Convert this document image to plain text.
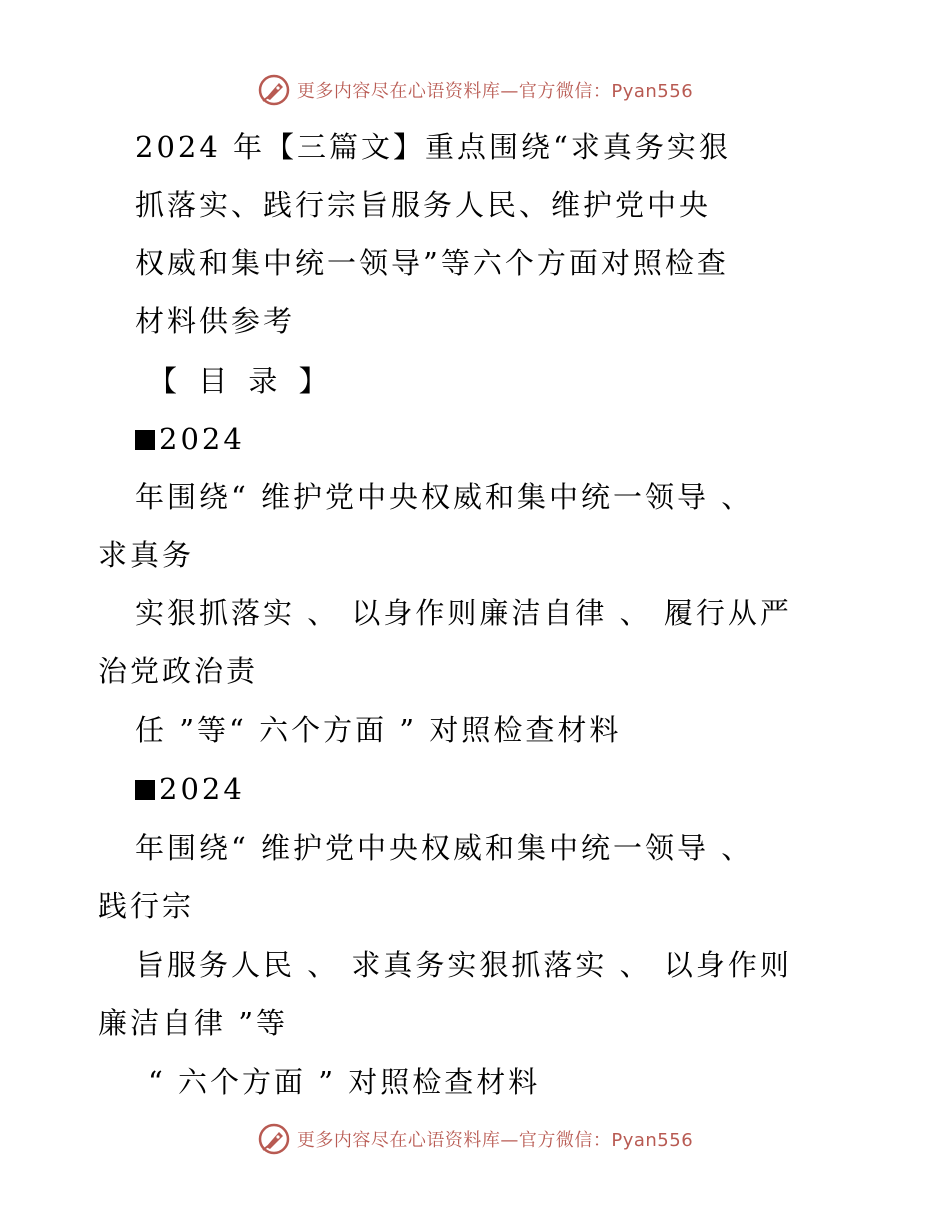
更多内容尽在心语资料库—官方微信：Pyan556
2024 年【三篇文】重点围绕“求真务实狠
抓落实、践行宗旨服务人民、维护党中央
权威和集中统一领导”等六个方面对照检查
材料供参考
【 目 录 】
2024
年围绕“ 维护党中央权威和集中统一领导 、
求真务
实狠抓落实 、 以身作则廉洁自律 、 履行从严
治党政治责
任 ”等“ 六个方面 ” 对照检查材料
2024
年围绕“ 维护党中央权威和集中统一领导 、
践行宗
旨服务人民 、 求真务实狠抓落实 、 以身作则
廉洁自律 ”等
“ 六个方面 ” 对照检查材料
更多内容尽在心语资料库—官方微信：Pyan556
